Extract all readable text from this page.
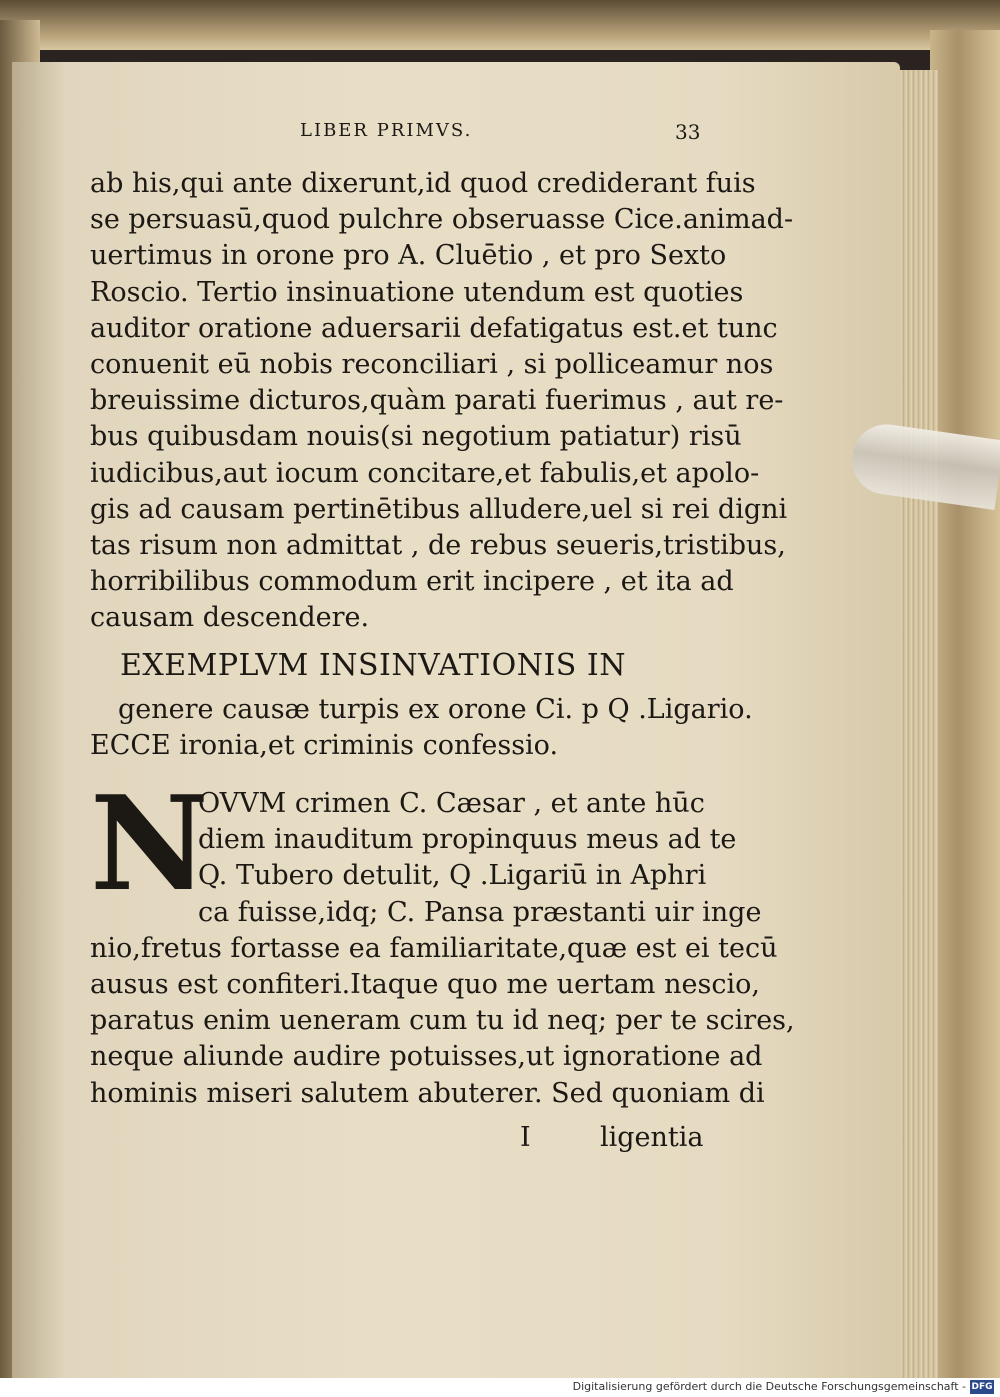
LIBER PRIMVS.	33
ab his,qui ante dixerunt,id quod crediderant fuis
se persuasū,quod pulchre obseruasse Cice.animad-
uertimus in orone pro A. Cluētio , et pro Sexto
Roscio. Tertio insinuatione utendum est quoties
auditor oratione aduersarii defatigatus est.et tunc
conuenit eū nobis reconciliari , si polliceamur nos
breuissime dicturos,quàm parati fuerimus , aut re-
bus quibusdam nouis(si negotium patiatur) risū
iudicibus,aut iocum concitare,et fabulis,et apolo-
gis ad causam pertinētibus alludere,uel si rei digni
tas risum non admittat , de rebus seueris,tristibus,
horribilibus commodum erit incipere , et ita ad
causam descendere.
EXEMPLVM INSINVATIONIS IN
genere causæ turpis ex orone Ci. p Q .Ligario.
ECCE ironia,et criminis confessio.
N
OVVM crimen C. Cæsar , et ante hūc
diem inauditum propinquus meus ad te
Q. Tubero detulit, Q .Ligariū in Aphri
ca fuisse,idq; C. Pansa præstanti uir inge
nio,fretus fortasse ea familiaritate,quæ est ei tecū
ausus est confiteri.Itaque quo me uertam nescio,
paratus enim ueneram cum tu id neq; per te scires,
neque aliunde audire potuisses,ut ignoratione ad
hominis miseri salutem abuterer. Sed quoniam di
I	ligentia
Digitalisierung gefördert durch die Deutsche Forschungsgemeinschaft - DFG
